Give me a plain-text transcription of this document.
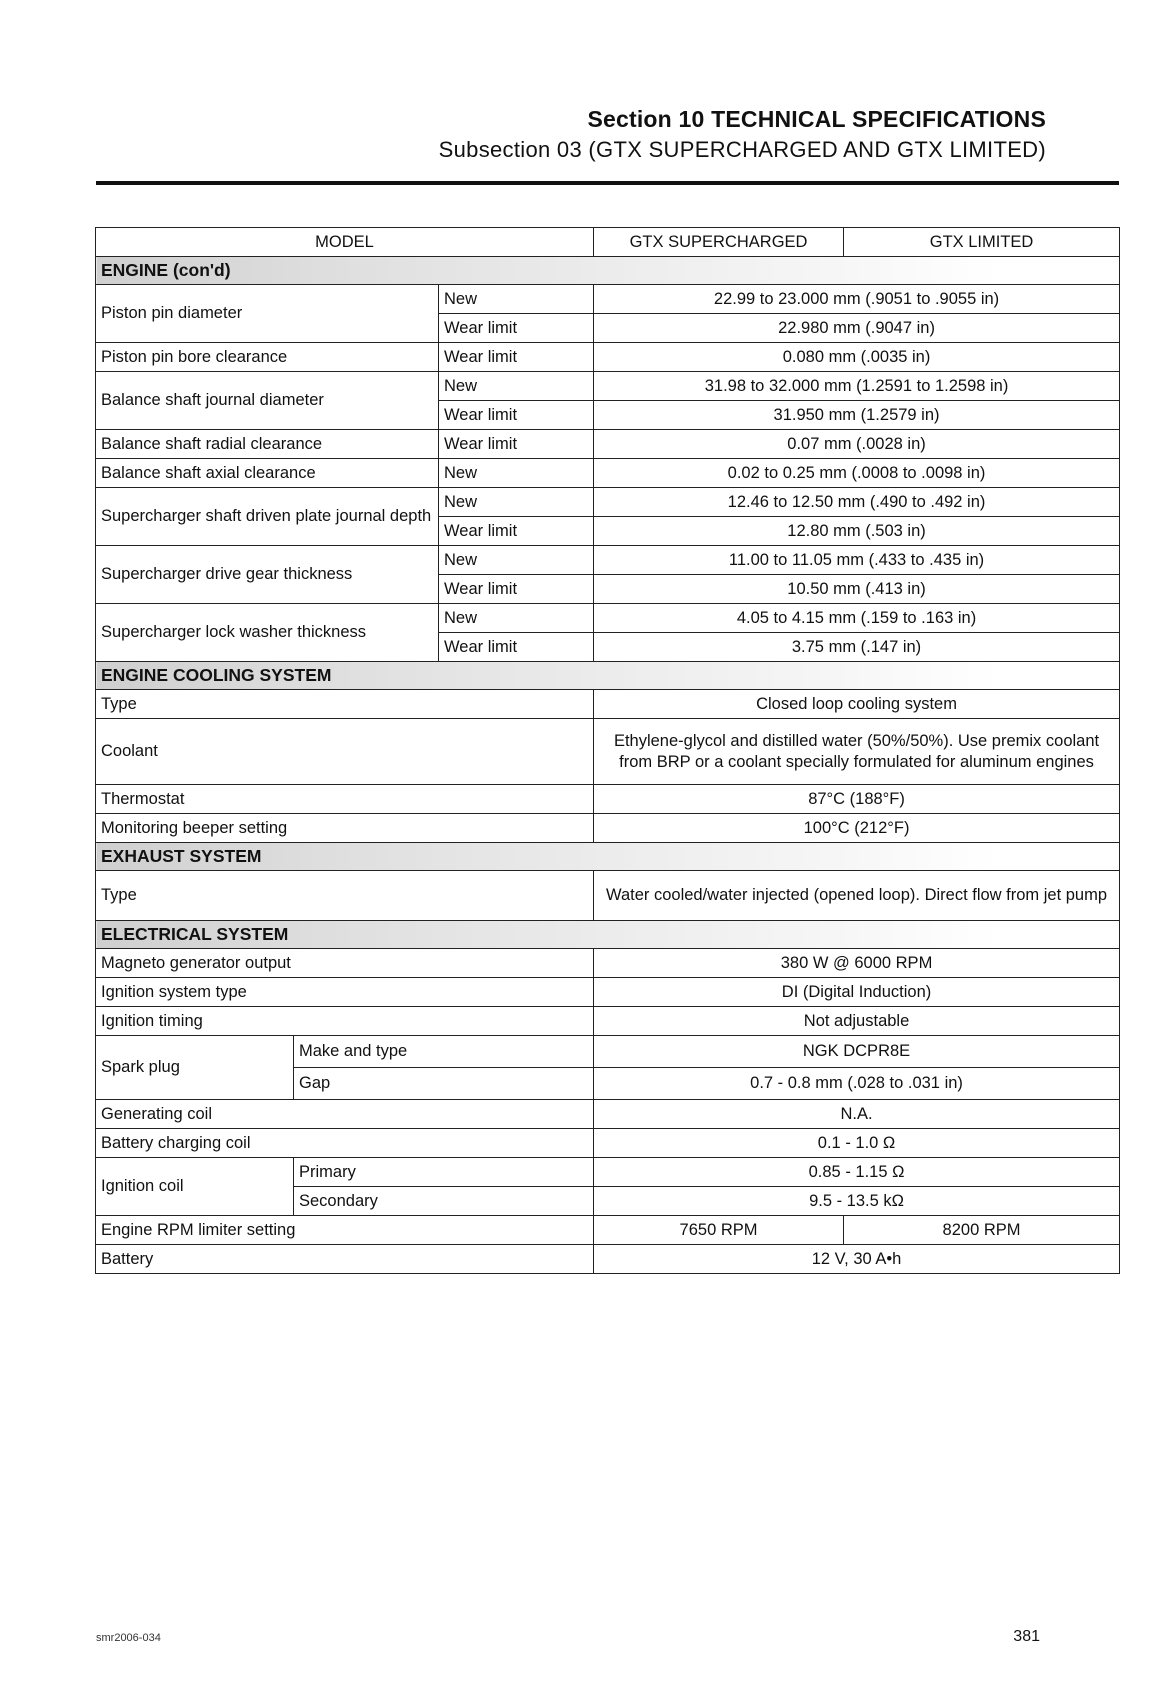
Section 10 TECHNICAL SPECIFICATIONS
Subsection 03 (GTX SUPERCHARGED AND GTX LIMITED)
MODEL			GTX SUPERCHARGED	GTX LIMITED
ENGINE (con'd)				
Piston pin diameter		New	22.99 to 23.000 mm (.9051 to .9055 in)	
		Wear limit	22.980 mm (.9047 in)	
Piston pin bore clearance		Wear limit	0.080 mm (.0035 in)	
Balance shaft journal diameter		New	31.98 to 32.000 mm (1.2591 to 1.2598 in)	
		Wear limit	31.950 mm (1.2579 in)	
Balance shaft radial clearance		Wear limit	0.07 mm (.0028 in)	
Balance shaft axial clearance		New	0.02 to 0.25 mm (.0008 to .0098 in)	
Supercharger shaft driven plate journal depth		New	12.46 to 12.50 mm (.490 to .492 in)	
		Wear limit	12.80 mm (.503 in)	
Supercharger drive gear thickness		New	11.00 to 11.05 mm (.433 to .435 in)	
		Wear limit	10.50 mm (.413 in)	
Supercharger lock washer thickness		New	4.05 to 4.15 mm (.159 to .163 in)	
		Wear limit	3.75 mm (.147 in)	
ENGINE COOLING SYSTEM				
Type			Closed loop cooling system	
Coolant			Ethylene-glycol and distilled water (50%/50%). Use premix coolant from BRP or a coolant specially formulated for aluminum engines	
Thermostat			87°C (188°F)	
Monitoring beeper setting			100°C (212°F)	
EXHAUST SYSTEM				
Type			Water cooled/water injected (opened loop). Direct flow from jet pump	
ELECTRICAL SYSTEM				
Magneto generator output			380 W @ 6000 RPM	
Ignition system type			DI (Digital Induction)	
Ignition timing			Not adjustable	
Spark plug	Make and type		NGK DCPR8E	
	Gap		0.7 - 0.8 mm (.028 to .031 in)	
Generating coil			N.A.	
Battery charging coil			0.1 - 1.0 Ω	
Ignition coil	Primary		0.85 - 1.15 Ω	
	Secondary		9.5 - 13.5 kΩ	
Engine RPM limiter setting			7650 RPM	8200 RPM
Battery			12 V, 30 A•h	
smr2006-034	381
